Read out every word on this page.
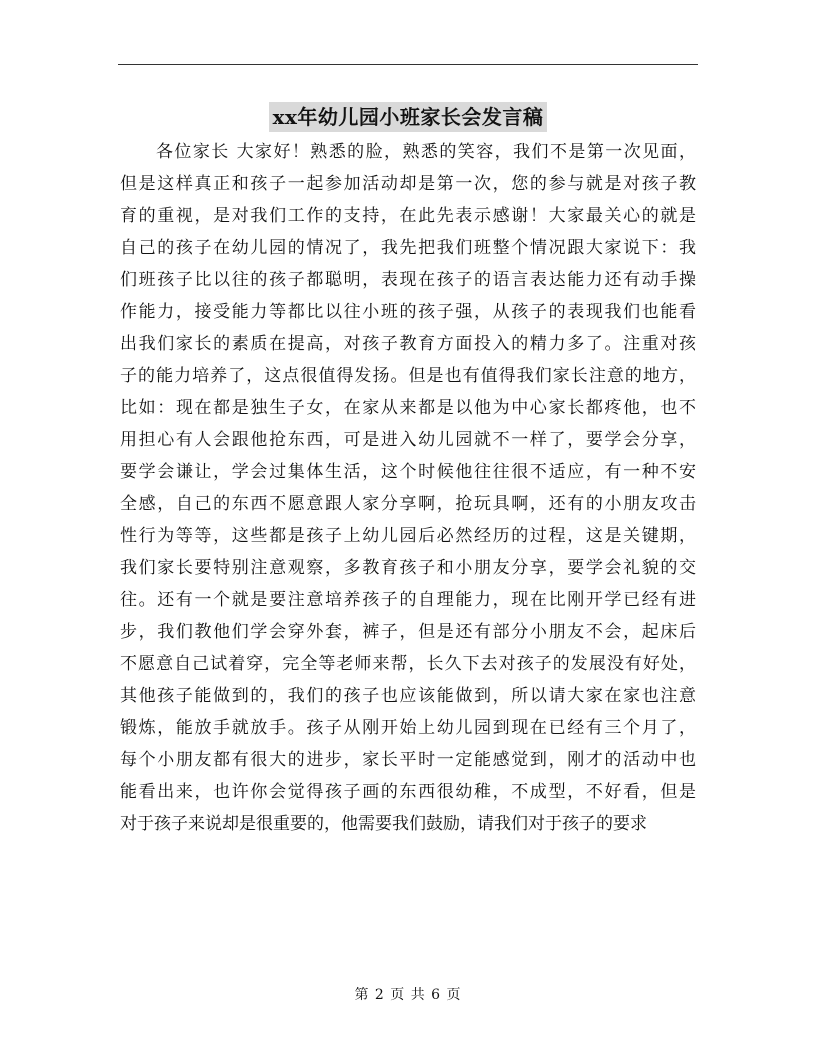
xx年幼儿园小班家长会发言稿
各位家长 大家好！熟悉的脸，熟悉的笑容，我们不是第一次见面，
但是这样真正和孩子一起参加活动却是第一次，您的参与就是对孩子教
育的重视，是对我们工作的支持，在此先表示感谢！大家最关心的就是
自己的孩子在幼儿园的情况了，我先把我们班整个情况跟大家说下：我
们班孩子比以往的孩子都聪明，表现在孩子的语言表达能力还有动手操
作能力，接受能力等都比以往小班的孩子强，从孩子的表现我们也能看
出我们家长的素质在提高，对孩子教育方面投入的精力多了。注重对孩
子的能力培养了，这点很值得发扬。但是也有值得我们家长注意的地方，
比如：现在都是独生子女，在家从来都是以他为中心家长都疼他，也不
用担心有人会跟他抢东西，可是进入幼儿园就不一样了，要学会分享，
要学会谦让，学会过集体生活，这个时候他往往很不适应，有一种不安
全感，自己的东西不愿意跟人家分享啊，抢玩具啊，还有的小朋友攻击
性行为等等，这些都是孩子上幼儿园后必然经历的过程，这是关键期，
我们家长要特别注意观察，多教育孩子和小朋友分享，要学会礼貌的交
往。还有一个就是要注意培养孩子的自理能力，现在比刚开学已经有进
步，我们教他们学会穿外套，裤子，但是还有部分小朋友不会，起床后
不愿意自己试着穿，完全等老师来帮，长久下去对孩子的发展没有好处，
其他孩子能做到的，我们的孩子也应该能做到，所以请大家在家也注意
锻炼，能放手就放手。孩子从刚开始上幼儿园到现在已经有三个月了，
每个小朋友都有很大的进步，家长平时一定能感觉到，刚才的活动中也
能看出来，也许你会觉得孩子画的东西很幼稚，不成型，不好看，但是
对于孩子来说却是很重要的，他需要我们鼓励，请我们对于孩子的要求
第 2 页 共 6 页
